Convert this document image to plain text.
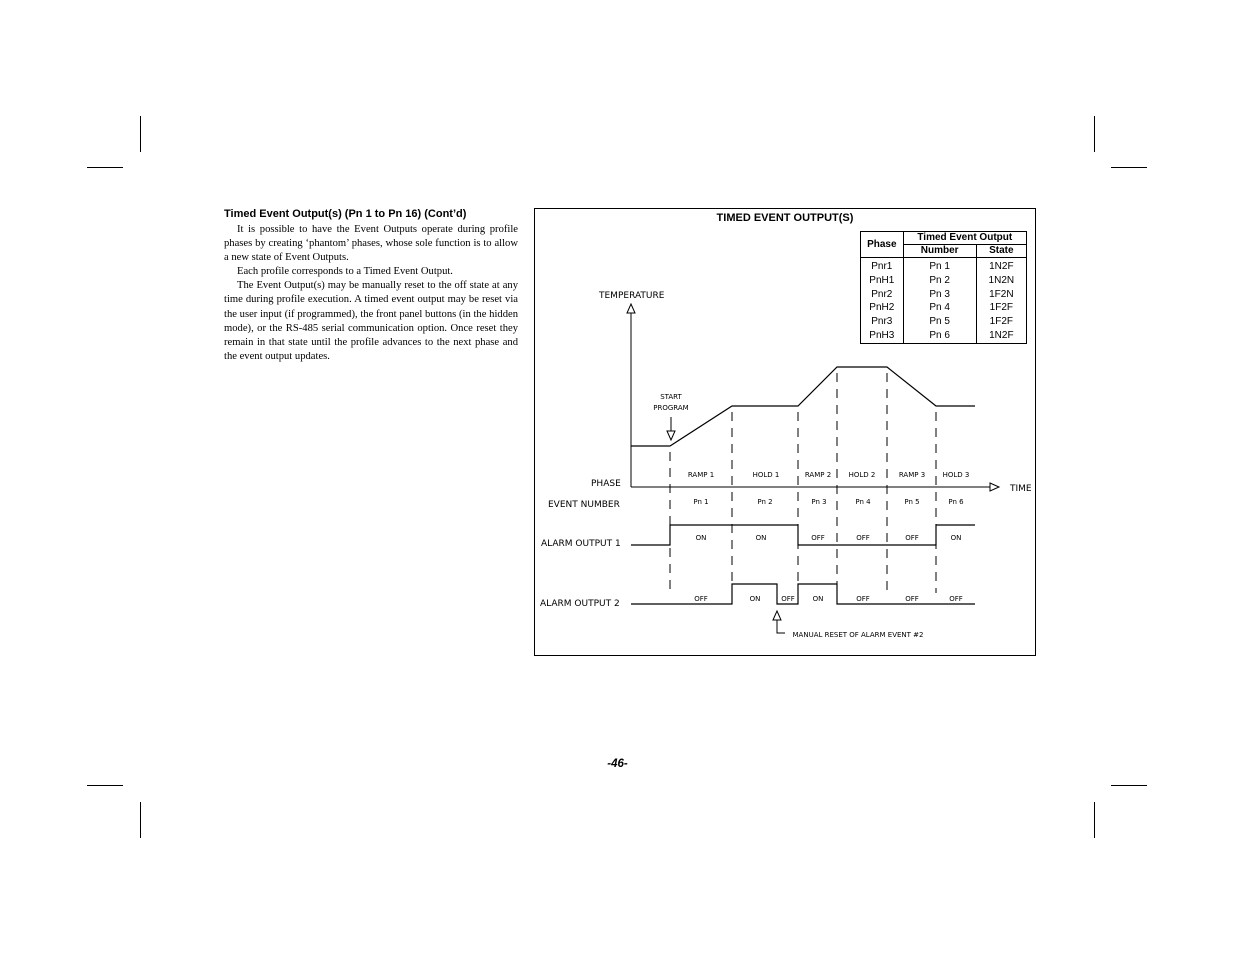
Timed Event Output(s) (Pn 1 to Pn 16) (Cont’d)

It is possible to have the Event Outputs operate during profile phases by creating ‘phantom’ phases, whose sole function is to allow a new state of Event Outputs.

Each profile corresponds to a Timed Event Output.

The Event Output(s) may be manually reset to the off state at any time during profile execution. A timed event output may be reset via the user input (if programmed), the front panel buttons (in the hidden mode), or the RS-485 serial communication option. Once reset they remain in that state until the profile advances to the next phase and the event output updates.

TIMED EVENT OUTPUT(S)
Phase	Timed Event Output	
	Number	State
Pnr1	Pn 1	1N2F
PnH1	Pn 2	1N2N
Pnr2	Pn 3	1F2N
PnH2	Pn 4	1F2F
Pnr3	Pn 5	1F2F
PnH3	Pn 6	1N2F
TEMPERATURE
TIME
PHASE
EVENT NUMBER
ALARM OUTPUT 1
ALARM OUTPUT 2
START
PROGRAM
RAMP 1	HOLD 1	RAMP 2 HOLD 2	RAMP 3 HOLD 3
Pn 1	Pn 2	Pn 3	Pn 4	Pn 5	Pn 6
ON	ON	OFF	OFF	OFF	ON
OFF	ON	OFF	ON	OFF	OFF	OFF
MANUAL RESET OF ALARM EVENT #2
-46-
